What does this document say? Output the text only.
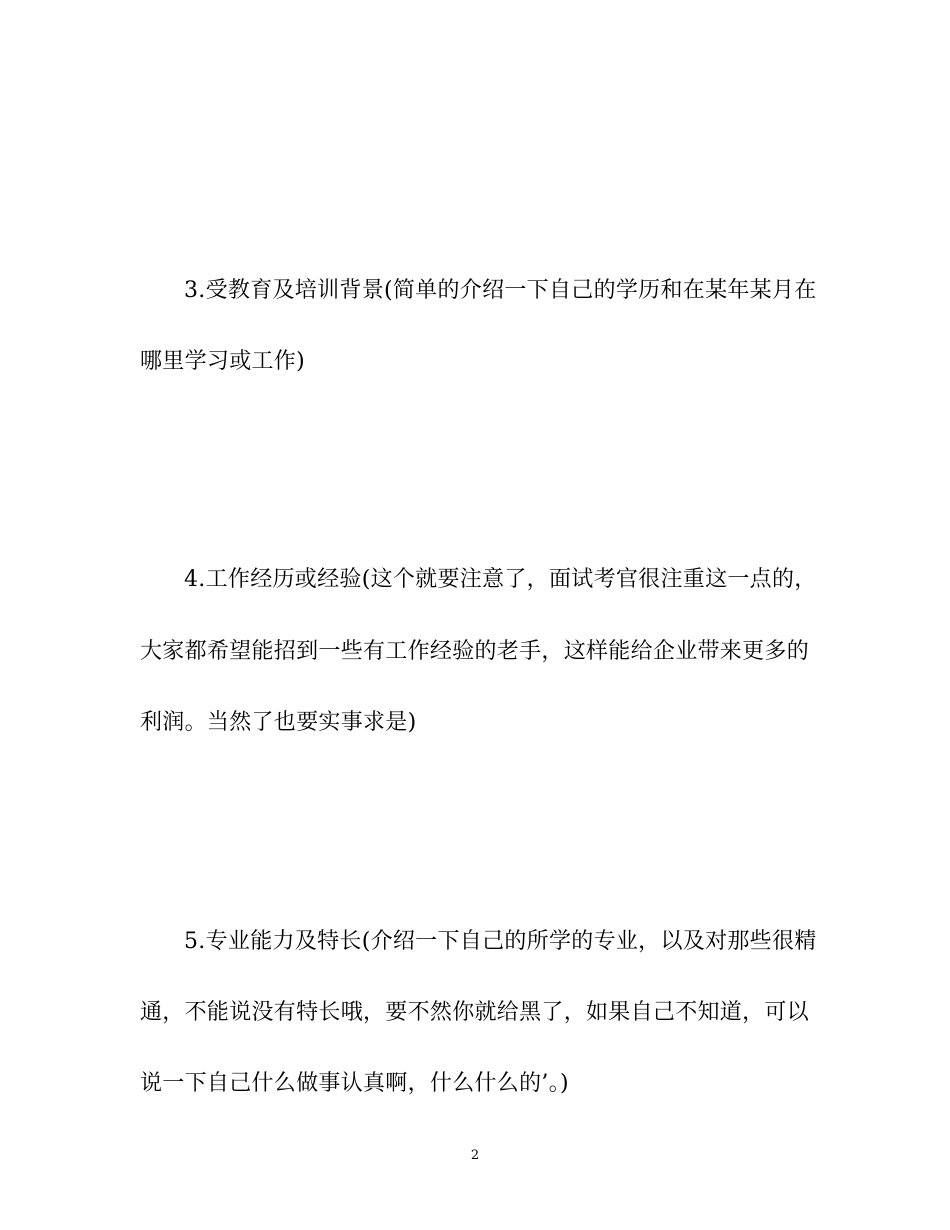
3.受教育及培训背景(简单的介绍一下自己的学历和在某年某月在
哪里学习或工作)
4.工作经历或经验(这个就要注意了，面试考官很注重这一点的，
大家都希望能招到一些有工作经验的老手，这样能给企业带来更多的
利润。当然了也要实事求是)
5.专业能力及特长(介绍一下自己的所学的专业，以及对那些很精
通，不能说没有特长哦，要不然你就给黑了，如果自己不知道，可以
说一下自己什么做事认真啊，什么什么的’。)
2
